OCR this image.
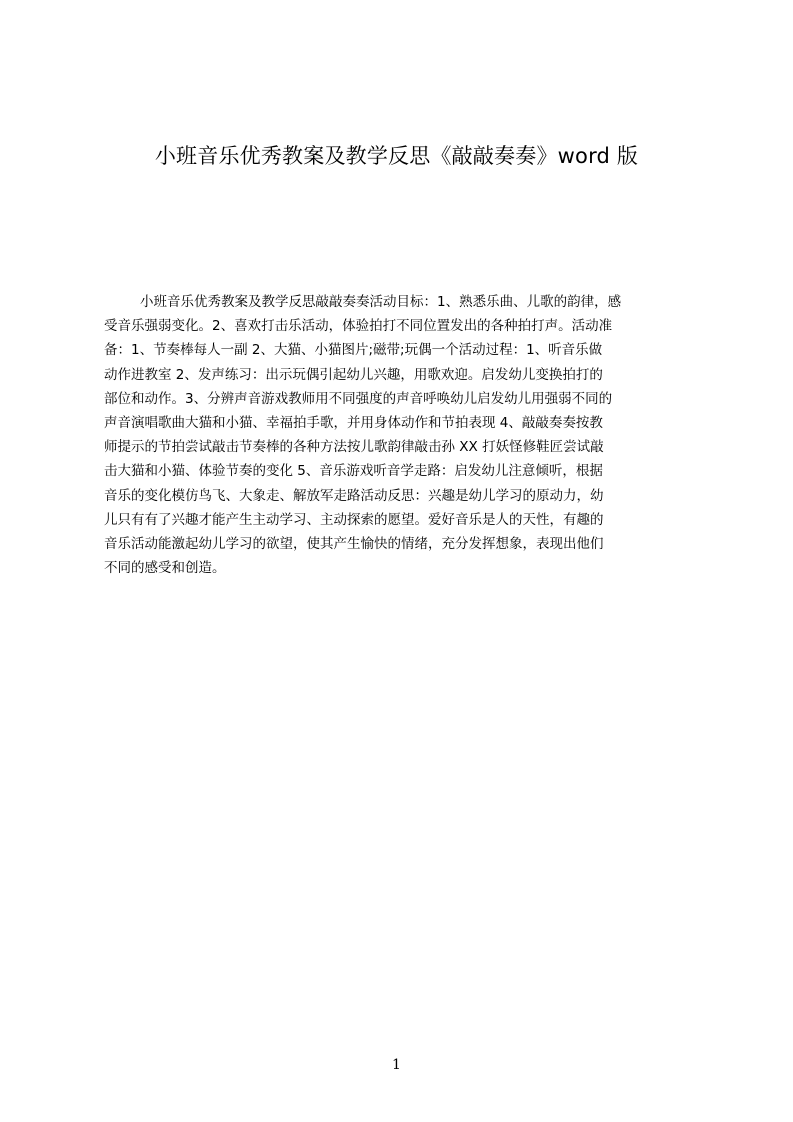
小班音乐优秀教案及教学反思《敲敲奏奏》word 版
小班音乐优秀教案及教学反思敲敲奏奏活动目标：1、熟悉乐曲、儿歌的韵律，感
受音乐强弱变化。2、喜欢打击乐活动，体验拍打不同位置发出的各种拍打声。活动准
备：1、节奏棒每人一副 2、大猫、小猫图片;磁带;玩偶一个活动过程：1、听音乐做
动作进教室 2、发声练习：出示玩偶引起幼儿兴趣，用歌欢迎。启发幼儿变换拍打的
部位和动作。3、分辨声音游戏教师用不同强度的声音呼唤幼儿启发幼儿用强弱不同的
声音演唱歌曲大猫和小猫、幸福拍手歌，并用身体动作和节拍表现 4、敲敲奏奏按教
师提示的节拍尝试敲击节奏棒的各种方法按儿歌韵律敲击孙 XX 打妖怪修鞋匠尝试敲
击大猫和小猫、体验节奏的变化 5、音乐游戏听音学走路：启发幼儿注意倾听，根据
音乐的变化模仿鸟飞、大象走、解放军走路活动反思：兴趣是幼儿学习的原动力，幼
儿只有有了兴趣才能产生主动学习、主动探索的愿望。爱好音乐是人的天性，有趣的
音乐活动能激起幼儿学习的欲望，使其产生愉快的情绪，充分发挥想象，表现出他们
不同的感受和创造。
1
